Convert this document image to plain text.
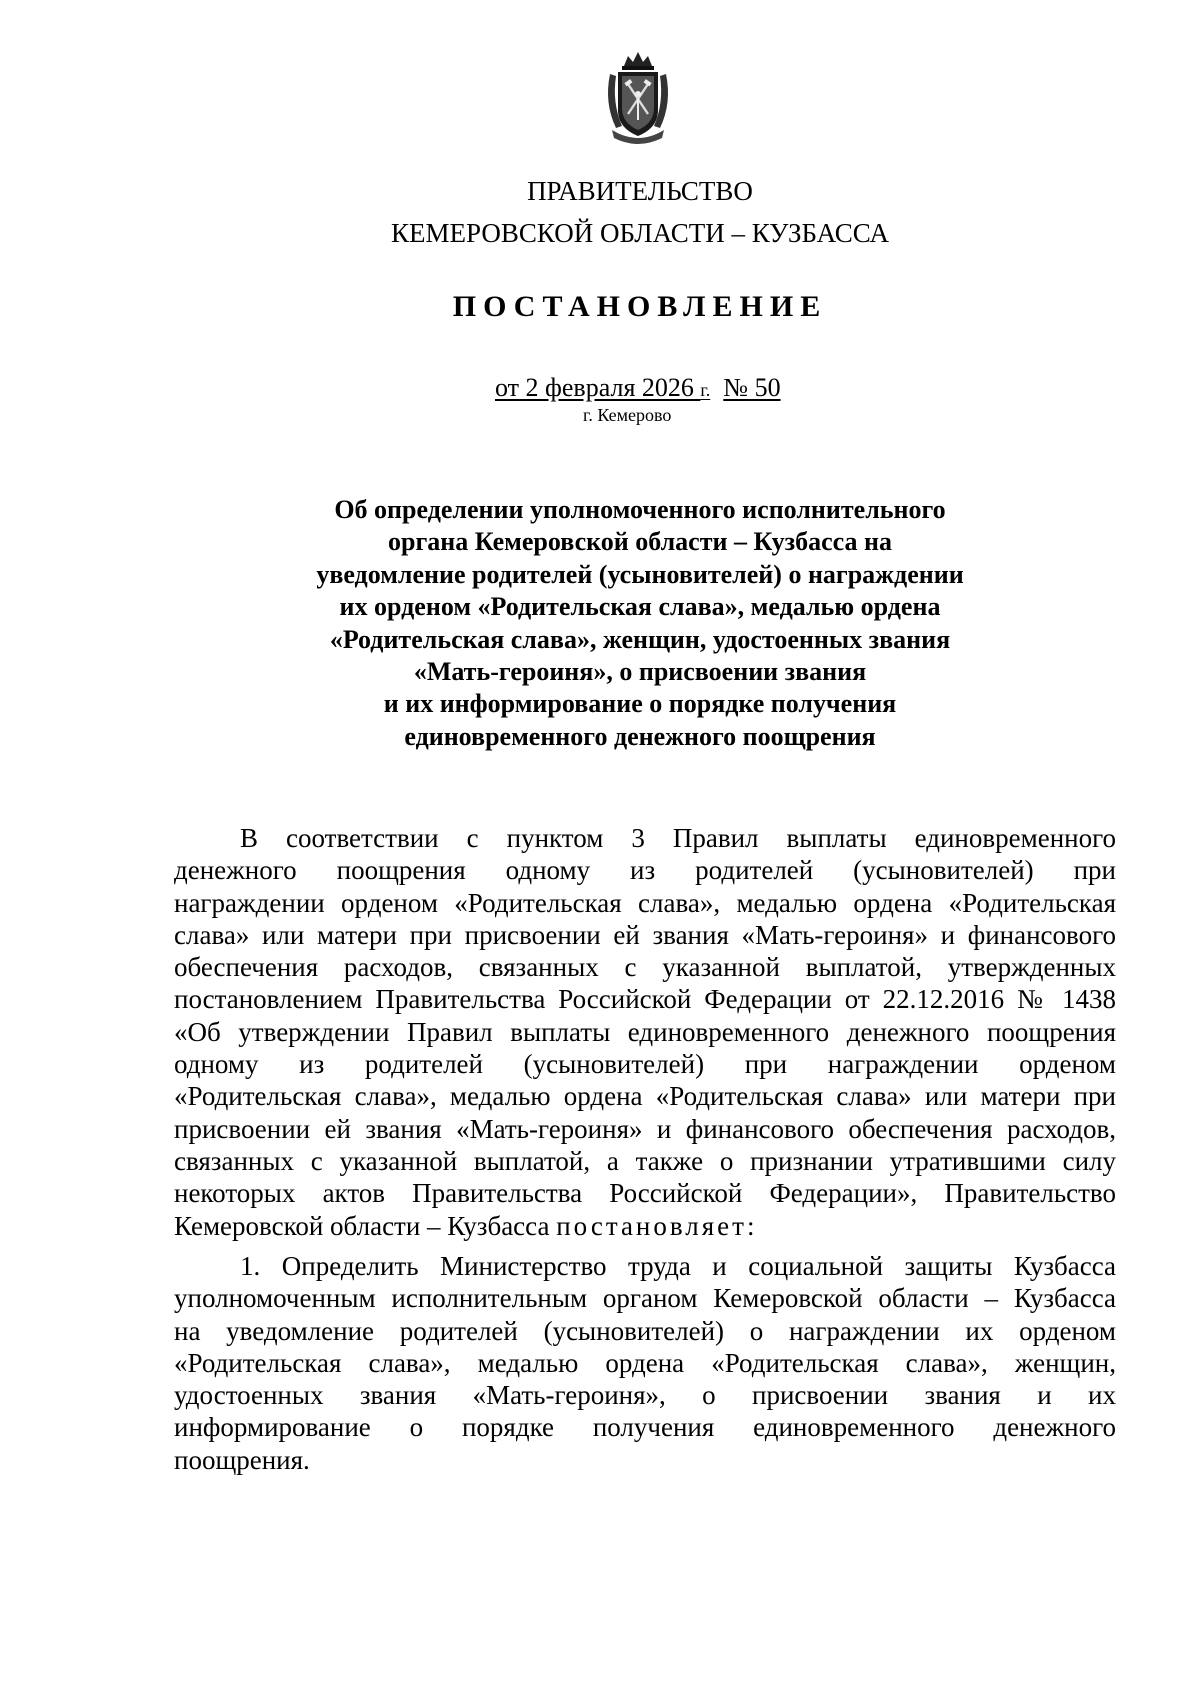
ПРАВИТЕЛЬСТВО
КЕМЕРОВСКОЙ ОБЛАСТИ – КУЗБАССА
ПОСТАНОВЛЕНИЕ
от 2 февраля 2026 г. № 50
г. Кемерово
Об определении уполномоченного исполнительного
органа Кемеровской области – Кузбасса на
уведомление родителей (усыновителей) о награждении
их орденом «Родительская слава», медалью ордена
«Родительская слава», женщин, удостоенных звания
«Мать-героиня», о присвоении звания
и их информирование о порядке получения
единовременного денежного поощрения
В соответствии с пунктом 3 Правил выплаты единовременного
денежного поощрения одному из родителей (усыновителей) при
награждении орденом «Родительская слава», медалью ордена «Родительская
слава» или матери при присвоении ей звания «Мать-героиня» и финансового
обеспечения расходов, связанных с указанной выплатой, утвержденных
постановлением Правительства Российской Федерации от 22.12.2016 № 1438
«Об утверждении Правил выплаты единовременного денежного поощрения
одному из родителей (усыновителей) при награждении орденом
«Родительская слава», медалью ордена «Родительская слава» или матери при
присвоении ей звания «Мать-героиня» и финансового обеспечения расходов,
связанных с указанной выплатой, а также о признании утратившими силу
некоторых актов Правительства Российской Федерации», Правительство
Кемеровской области – Кузбасса постановляет:
1. Определить Министерство труда и социальной защиты Кузбасса
уполномоченным исполнительным органом Кемеровской области – Кузбасса
на уведомление родителей (усыновителей) о награждении их орденом
«Родительская слава», медалью ордена «Родительская слава», женщин,
удостоенных звания «Мать-героиня», о присвоении звания и их
информирование о порядке получения единовременного денежного
поощрения.
